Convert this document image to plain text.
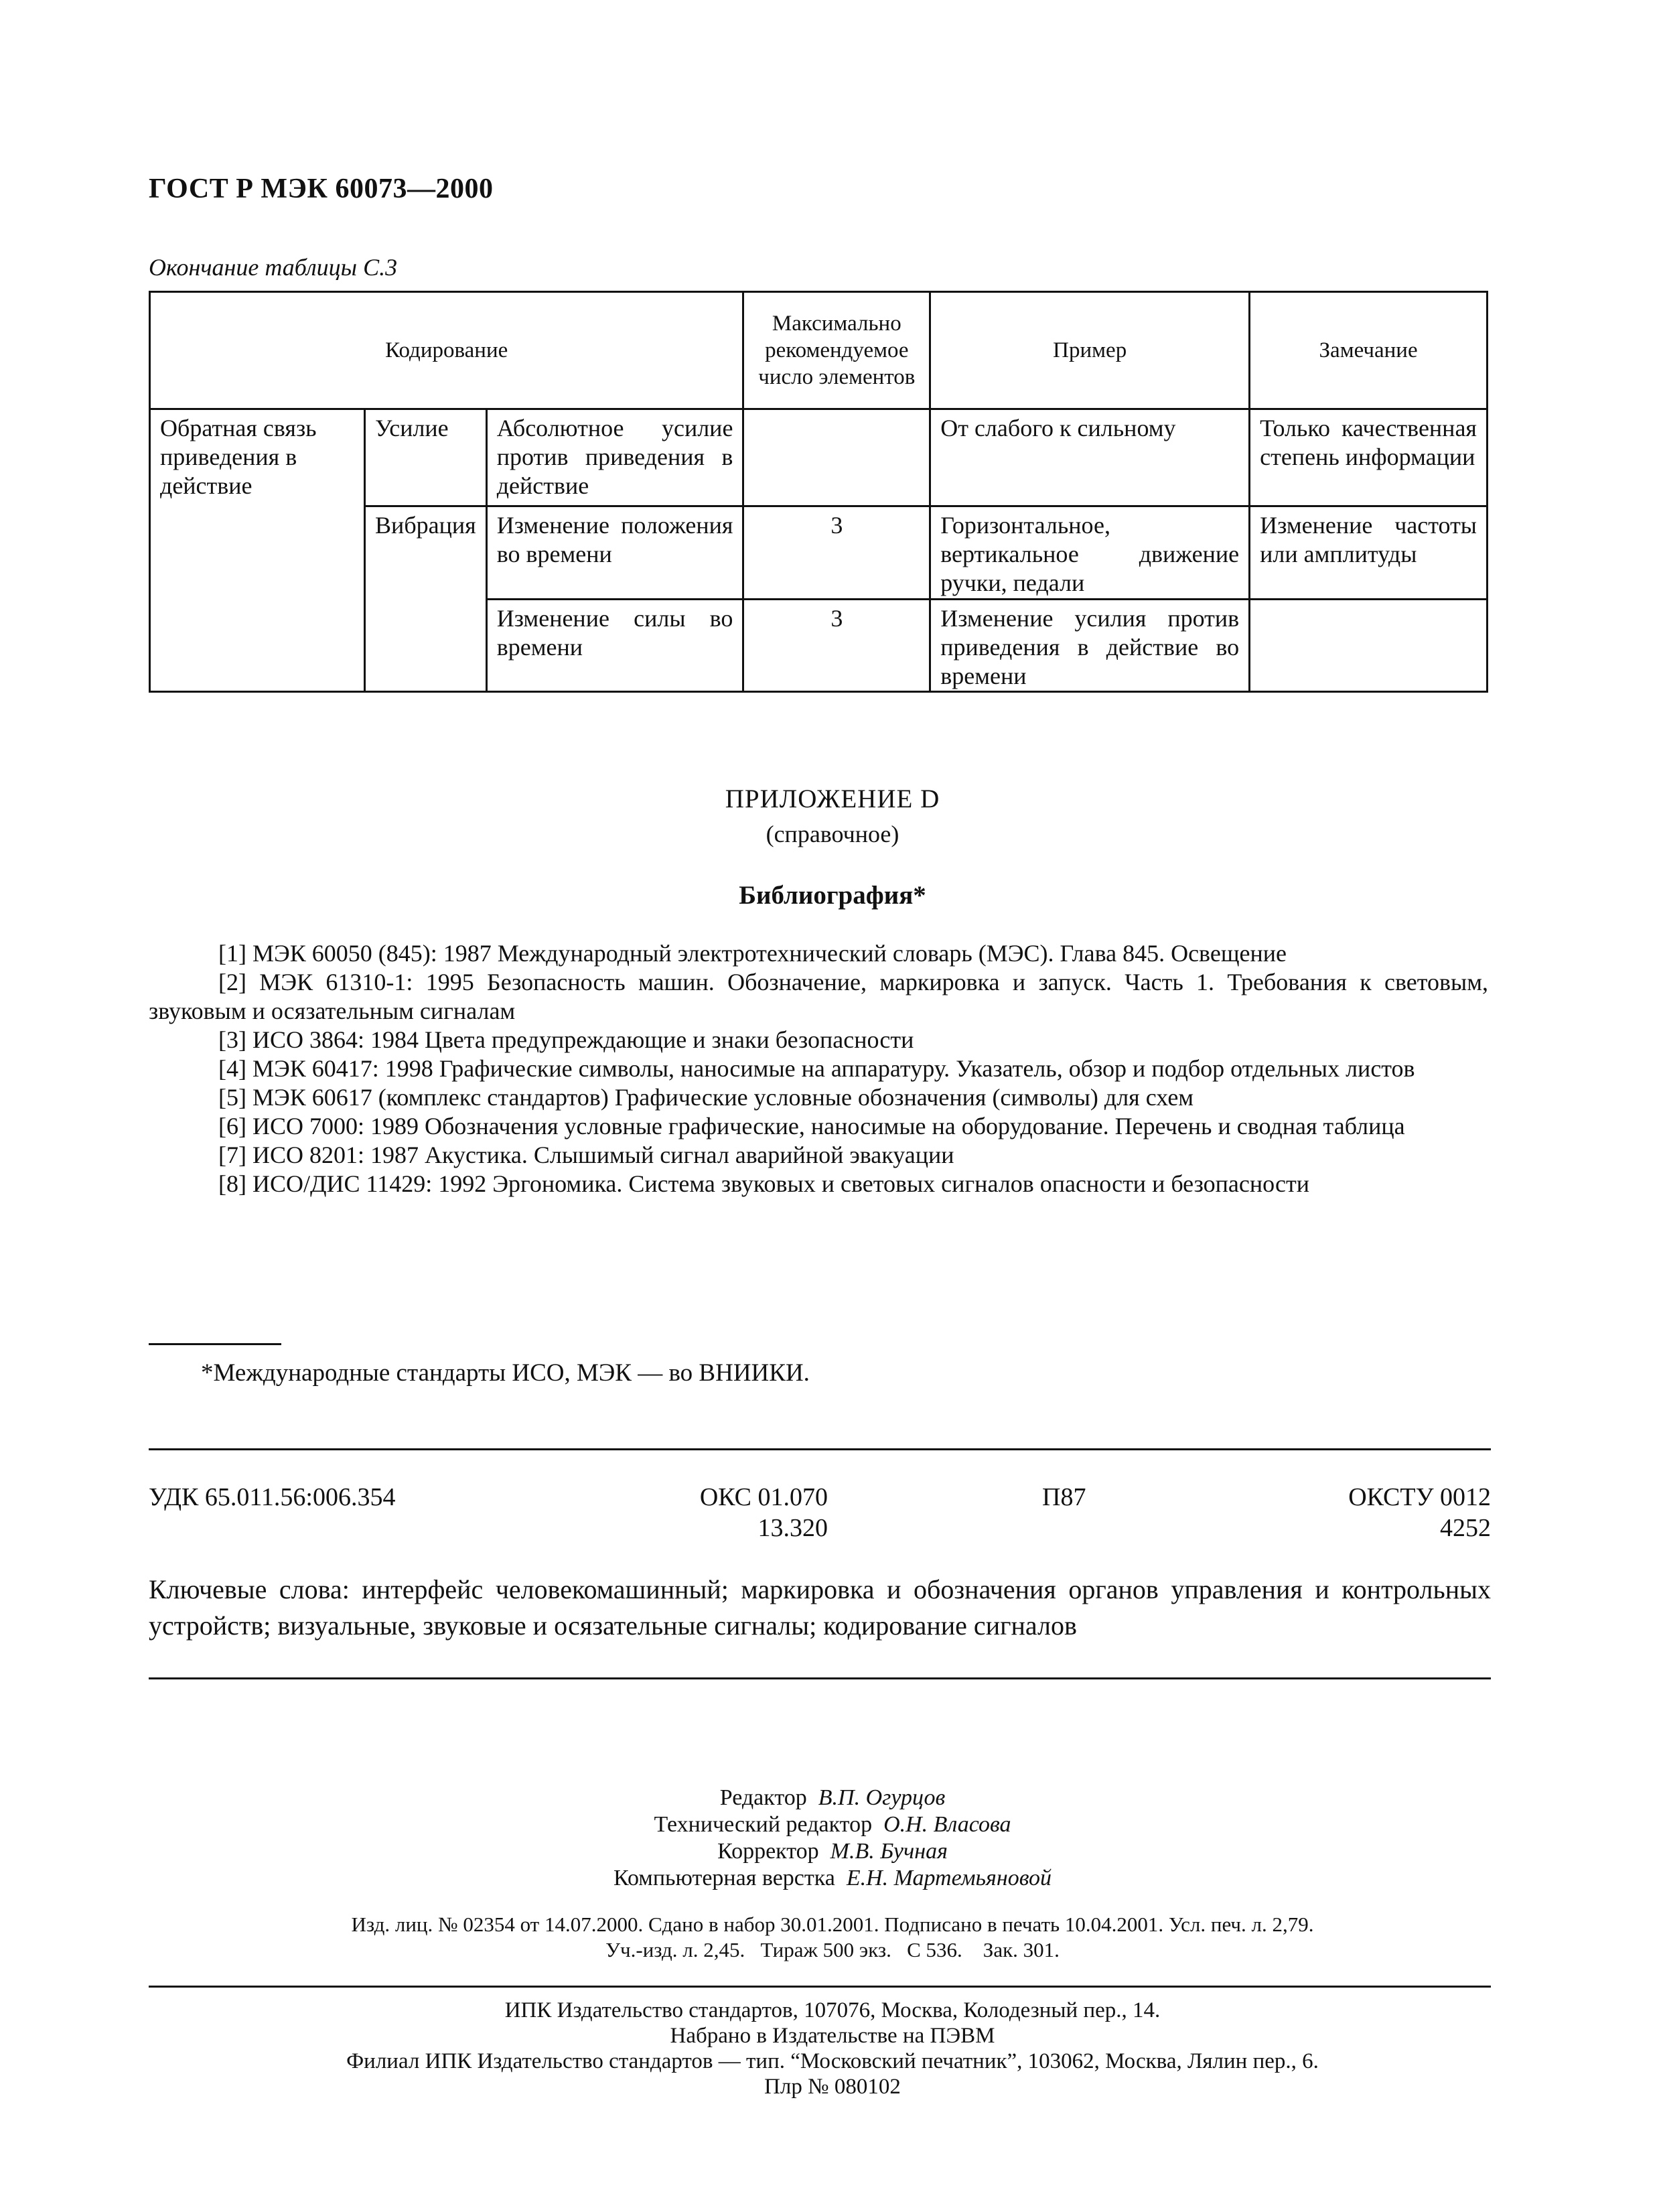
ГОСТ Р МЭК 60073—2000
Окончание таблицы С.3
Кодирование			Максимально рекомендуемое число элементов	Пример	Замечание
Обратная связь приведения в действие	Усилие	Абсолютное усилие против приведения в действие		От слабого к сильному	Только качественная степень информации
	Вибрация	Изменение положения во времени	3	Горизонтальное, вертикальное движение ручки, педали	Изменение частоты или амплитуды
		Изменение силы во времени	3	Изменение усилия против приведения в действие во времени	
ПРИЛОЖЕНИЕ D
(справочное)
Библиография*
[1] МЭК 60050 (845): 1987 Международный электротехнический словарь (МЭС). Глава 845. Освещение
[2] МЭК 61310-1: 1995 Безопасность машин. Обозначение, маркировка и запуск. Часть 1. Требования к световым, звуковым и осязательным сигналам
[3] ИСО 3864: 1984 Цвета предупреждающие и знаки безопасности
[4] МЭК 60417: 1998 Графические символы, наносимые на аппаратуру. Указатель, обзор и подбор отдельных листов
[5] МЭК 60617 (комплекс стандартов) Графические условные обозначения (символы) для схем
[6] ИСО 7000: 1989 Обозначения условные графические, наносимые на оборудование. Перечень и сводная таблица
[7] ИСО 8201: 1987 Акустика. Слышимый сигнал аварийной эвакуации
[8] ИСО/ДИС 11429: 1992 Эргономика. Система звуковых и световых сигналов опасности и безопасности
*Международные стандарты ИСО, МЭК — во ВНИИКИ.
УДК 65.011.56:006.354	ОКС 01.070
13.320
П87	ОКСТУ 0012
4252
Ключевые слова: интерфейс человекомашинный; маркировка и обозначения органов управления и контрольных устройств; визуальные, звуковые и осязательные сигналы; кодирование сигналов
Редактор В.П. Огурцов
Технический редактор О.Н. Власова
Корректор М.В. Бучная
Компьютерная верстка Е.Н. Мартемьяновой
Изд. лиц. № 02354 от 14.07.2000. Сдано в набор 30.01.2001. Подписано в печать 10.04.2001. Усл. печ. л. 2,79.
Уч.-изд. л. 2,45.   Тираж 500 экз.   С 536.    Зак. 301.
ИПК Издательство стандартов, 107076, Москва, Колодезный пер., 14.
Набрано в Издательстве на ПЭВМ
Филиал ИПК Издательство стандартов — тип. “Московский печатник”, 103062, Москва, Лялин пер., 6.
Плр № 080102
